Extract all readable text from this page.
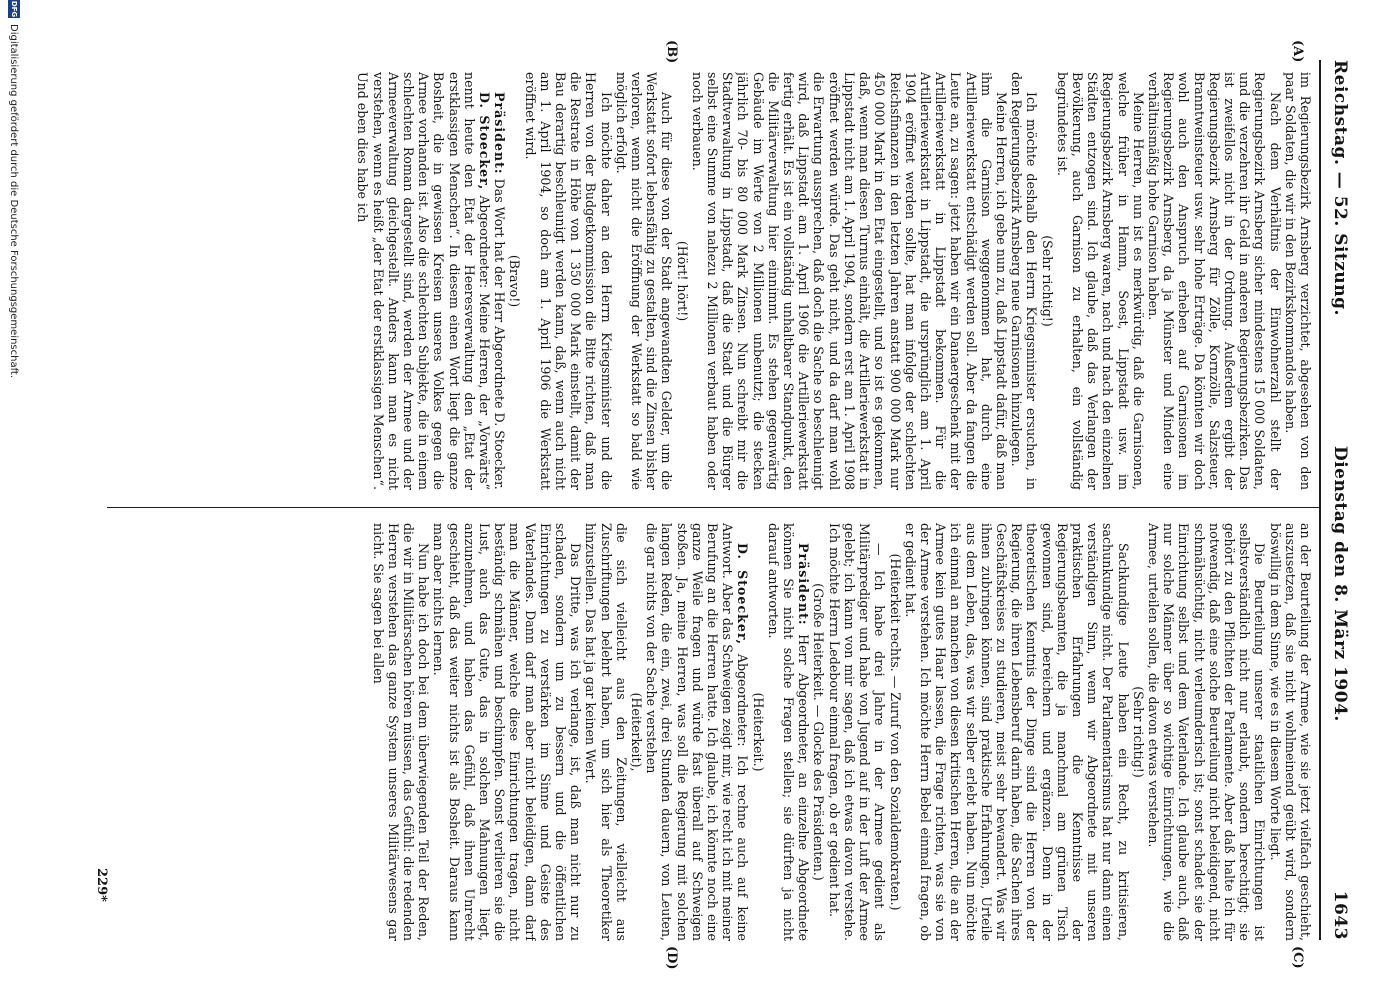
Reichstag. — 52. Sitzung.
Dienstag den 8. März 1904.
1643
(A)
(B)
(C)
(D)

im Regierungsbezirk Arnsberg verzichtet, abgesehen von den paar Soldaten, die wir in den Bezirkskommandos haben.

Nach dem Verhältnis der Einwohnerzahl stellt der Regierungsbezirk Arnsberg sicher mindestens 15 000 Soldaten, und die verzehren ihr Geld in anderen Regierungsbezirken. Das ist zweifellos nicht in der Ordnung. Außerdem ergibt der Regierungsbezirk Arnsberg für Zölle, Kornzölle, Salzsteuer, Branntweinsteuer usw. sehr hohe Erträge. Da könnten wir doch wohl auch den Anspruch erheben auf Garnisonen im Regierungsbezirk Arnsberg, da ja Münster und Minden eine verhältnismäßig hohe Garnison haben.

Meine Herren, nun ist es merkwürdig, daß die Garnisonen, welche früher in Hamm, Soest, Lippstadt usw. im Regierungsbezirk Arnsberg waren, nach und nach den einzelnen Städten entzogen sind. Ich glaube, daß das Verlangen der Bevölkerung, auch Garnison zu erhalten, ein vollständig begründetes ist.

(Sehr richtig!)

Ich möchte deshalb den Herrn Kriegsminister ersuchen, in den Regierungsbezirk Arnsberg neue Garnisonen hinzulegen.

Meine Herren, ich gebe nun zu, daß Lippstadt dafür, daß man ihm die Garnison weggenommen hat, durch eine Artilleriewerkstatt entschädigt werden soll. Aber da fangen die Leute an, zu sagen: jetzt haben wir ein Danaergeschenk mit der Artilleriewerkstatt in Lippstadt bekommen. Für die Artilleriewerkstatt in Lippstadt, die ursprünglich am 1. April 1904 eröffnet werden sollte, hat man infolge der schlechten Reichsfinanzen in den letzten Jahren anstatt 900 000 Mark nur 450 000 Mark in den Etat eingestellt, und so ist es gekommen, daß, wenn man diesen Turnus einhält, die Artilleriewerkstatt in Lippstadt nicht am 1. April 1904, sondern erst am 1. April 1908 eröffnet werden würde. Das geht nicht, und da darf man wohl die Erwartung aussprechen, daß doch die Sache so beschleunigt wird, daß Lippstadt am 1. April 1906 die Artilleriewerkstatt fertig erhält. Es ist ein vollständig unhaltbarer Standpunkt, den die Militärverwaltung hier einnimmt. Es stehen gegenwärtig Gebäude im Werte von 2 Millionen unbenutzt; die stecken jährlich 70- bis 80 000 Mark Zinsen. Nun schreibt mir die Stadtverwaltung in Lippstadt, daß die Stadt und die Bürger selbst eine Summe von nahezu 2 Millionen verbaut haben oder noch verbauen.

(Hört! hört!)

Auch für diese von der Stadt angewandten Gelder, um die Werkstatt sofort lebensfähig zu gestalten, sind die Zinsen bisher verloren, wenn nicht die Eröffnung der Werkstatt so bald wie möglich erfolgt.

Ich möchte daher an den Herrn Kriegsminister und die Herren von der Budgetkommission die Bitte richten, daß man die Restrate in Höhe von 1 350 000 Mark einstellt, damit der Bau derartig beschleunigt werden kann, daß, wenn auch nicht am 1. April 1904, so doch am 1. April 1906 die Werkstatt eröffnet wird.

(Bravo!)

Präsident: Das Wort hat der Herr Abgeordnete D. Stoecker.

D. Stoecker, Abgeordneter: Meine Herren, der „Vorwärts“ nennt heute den Etat der Heeresverwaltung den „Etat der erstklassigen Menschen“. In diesem einen Wort liegt die ganze Bosheit, die in gewissen Kreisen unseres Volkes gegen die Armee vorhanden ist. Also die schlechten Subjekte, die in einem schlechten Roman dargestellt sind, werden der Armee und der Armeeverwaltung gleichgestellt. Anders kann man es nicht verstehen, wenn es heißt „der Etat der erstklassigen Menschen“. Und eben dies habe ich

an der Beurteilung der Armee, wie sie jetzt vielfach geschieht, auszusetzen, daß sie nicht wohlmeinend geübt wird, sondern böswillig in dem Sinne, wie es in diesem Worte liegt.

Die Beurteilung unserer staatlichen Einrichtungen ist selbstverständlich nicht nur erlaubt, sondern berechtigt; sie gehört zu den Pflichten der Parlamente. Aber daß halte ich für notwendig, daß eine solche Beurteilung nicht beleidigend, nicht schmähsüchtig, nicht verleumderisch ist; sonst schadet sie der Einrichtung selbst und dem Vaterlande. Ich glaube auch, daß nur solche Männer über so wichtige Einrichtungen, wie die Armee, urteilen sollen, die davon etwas verstehen.

(Sehr richtig!)

Sachkundige Leute haben ein Recht, zu kritisieren, sachunkundige nicht. Der Parlamentarismus hat nur dann einen verständigen Sinn, wenn wir Abgeordnete mit unseren praktischen Erfahrungen die Kenntnisse der Regierungsbeamten, die ja manchmal am grünen Tisch gewonnen sind, bereichern und ergänzen. Denn in der theoretischen Kenntnis der Dinge sind die Herren von der Regierung, die ihren Lebensberuf darin haben, die Sachen ihres Geschäftskreises zu studieren, meist sehr bewandert. Was wir ihnen zubringen können, sind praktische Erfahrungen, Urteile aus dem Leben, das, was wir selber erlebt haben. Nun möchte ich einmal an manchen von diesen kritischen Herren, die an der Armee kein gutes Haar lassen, die Frage richten, was sie von der Armee verstehen. Ich möchte Herrn Bebel einmal fragen, ob er gedient hat.

(Heiterkeit rechts. — Zuruf von den Sozialdemokraten.)

— Ich habe drei Jahre in der Armee gedient als Militärprediger und habe von Jugend auf in der Luft der Armee gelebt; ich kann von mir sagen, daß ich etwas davon verstehe. Ich möchte Herrn Ledebour einmal fragen, ob er gedient hat.

(Große Heiterkeit. — Glocke des Präsidenten.)

Präsident: Herr Abgeordneter, an einzelne Abgeordnete können Sie nicht solche Fragen stellen; sie dürften ja nicht darauf antworten.

(Heiterkeit.)

D. Stoecker, Abgeordneter: Ich rechne auch auf keine Antwort. Aber das Schweigen zeigt mir, wie recht ich mit meiner Berufung an die Herren hatte. Ich glaube, ich könnte noch eine ganze Weile fragen und würde fast überall auf Schweigen stoßen. Ja, meine Herren, was soll die Regierung mit solchen langen Reden, die ein, zwei, drei Stunden dauern, von Leuten, die gar nichts von der Sache verstehen

(Heiterkeit),

die sich vielleicht aus den Zeitungen, vielleicht aus Zuschriftungen belehrt haben, um sich hier als Theoretiker hinzustellen. Das hat ja gar keinen Wert.

Das Dritte, was ich verlange, ist, daß man nicht nur zu schaden, sondern um zu bessern und die öffentlichen Einrichtungen zu verstärken im Sinne und Geiste des Vaterlandes. Dann darf man aber nicht beleidigen, dann darf man die Männer, welche diese Einrichtungen tragen, nicht beständig schmähen und beschimpfen. Sonst verlieren sie die Lust, auch das Gute, das in solchen Mahnungen liegt, anzunehmen, und haben das Gefühl, daß ihnen Unrecht geschieht, daß das weiter nichts ist als Bosheit. Daraus kann man aber nichts lernen.

Nun habe ich doch bei dem überwiegenden Teil der Reden, die wir in Militärsachen hören müssen, das Gefühl: die redenden Herren verstehen das ganze System unseres Militärwesens gar nicht. Sie sagen bei allen

229*
DFG
Digitalisierung gefördert durch die Deutsche Forschungsgemeinschaft.
